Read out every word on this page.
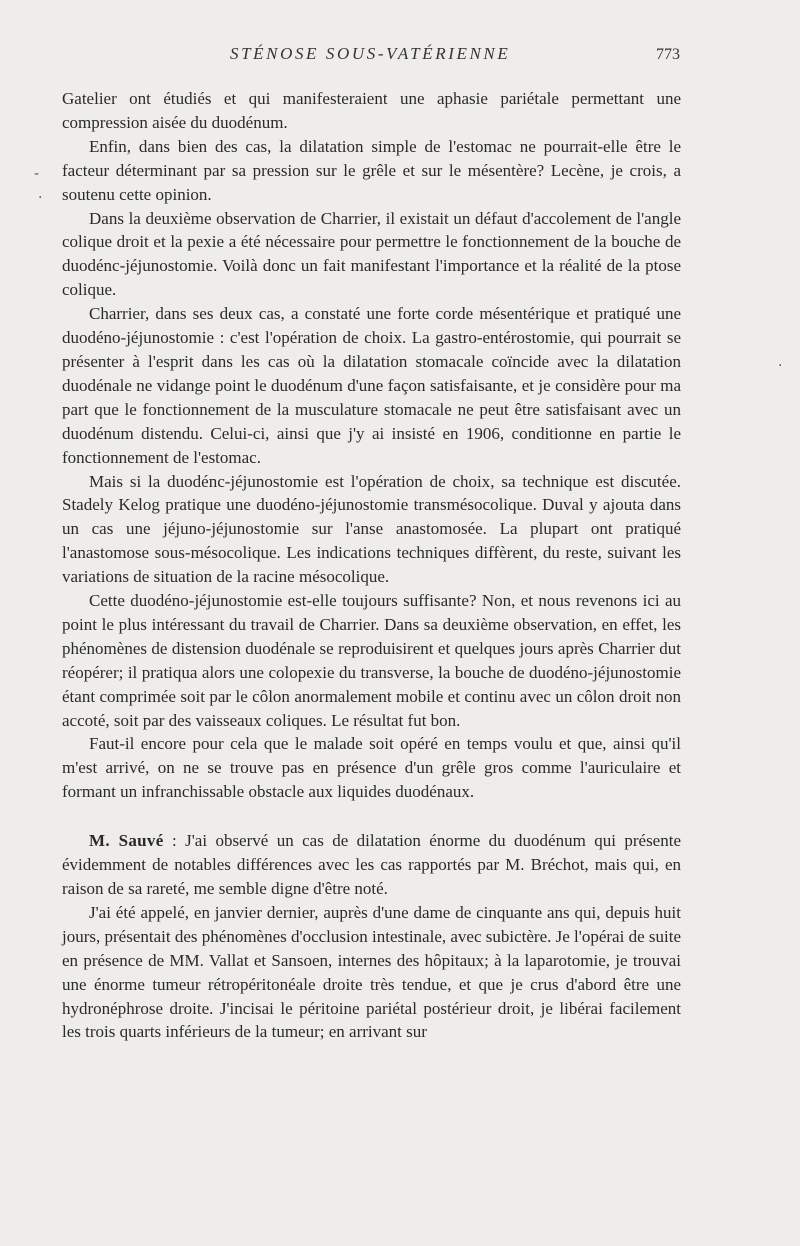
STÉNOSE SOUS-VATÉRIENNE	773
-
·
·

Gatelier ont étudiés et qui manifesteraient une aphasie pariétale permettant une compression aisée du duodénum.

Enfin, dans bien des cas, la dilatation simple de l'estomac ne pourrait-elle être le facteur déterminant par sa pression sur le grêle et sur le mésentère? Lecène, je crois, a soutenu cette opinion.

Dans la deuxième observation de Charrier, il existait un défaut d'accolement de l'angle colique droit et la pexie a été nécessaire pour permettre le fonctionnement de la bouche de duodénc-jéjunostomie. Voilà donc un fait manifestant l'importance et la réalité de la ptose colique.

Charrier, dans ses deux cas, a constaté une forte corde mésentérique et pratiqué une duodéno-jéjunostomie : c'est l'opération de choix. La gastro-entérostomie, qui pourrait se présenter à l'esprit dans les cas où la dilatation stomacale coïncide avec la dilatation duodénale ne vidange point le duodénum d'une façon satisfaisante, et je considère pour ma part que le fonctionnement de la musculature stomacale ne peut être satisfaisant avec un duodénum distendu. Celui-ci, ainsi que j'y ai insisté en 1906, conditionne en partie le fonctionnement de l'estomac.

Mais si la duodénc-jéjunostomie est l'opération de choix, sa technique est discutée. Stadely Kelog pratique une duodéno-jéjunostomie transmésocolique. Duval y ajouta dans un cas une jéjuno-jéjunostomie sur l'anse anastomosée. La plupart ont pratiqué l'anastomose sous-mésocolique. Les indications techniques diffèrent, du reste, suivant les variations de situation de la racine mésocolique.

Cette duodéno-jéjunostomie est-elle toujours suffisante? Non, et nous revenons ici au point le plus intéressant du travail de Charrier. Dans sa deuxième observation, en effet, les phénomènes de distension duodénale se reproduisirent et quelques jours après Charrier dut réopérer; il pratiqua alors une colopexie du transverse, la bouche de duodéno-jéjunostomie étant comprimée soit par le côlon anormalement mobile et continu avec un côlon droit non accoté, soit par des vaisseaux coliques. Le résultat fut bon.

Faut-il encore pour cela que le malade soit opéré en temps voulu et que, ainsi qu'il m'est arrivé, on ne se trouve pas en présence d'un grêle gros comme l'auriculaire et formant un infranchissable obstacle aux liquides duodénaux.

M. Sauvé : J'ai observé un cas de dilatation énorme du duodénum qui présente évidemment de notables différences avec les cas rapportés par M. Bréchot, mais qui, en raison de sa rareté, me semble digne d'être noté.

J'ai été appelé, en janvier dernier, auprès d'une dame de cinquante ans qui, depuis huit jours, présentait des phénomènes d'occlusion intestinale, avec subictère. Je l'opérai de suite en présence de MM. Vallat et Sansoen, internes des hôpitaux; à la laparotomie, je trouvai une énorme tumeur rétropéritonéale droite très tendue, et que je crus d'abord être une hydronéphrose droite. J'incisai le péritoine pariétal postérieur droit, je libérai facilement les trois quarts inférieurs de la tumeur; en arrivant sur
